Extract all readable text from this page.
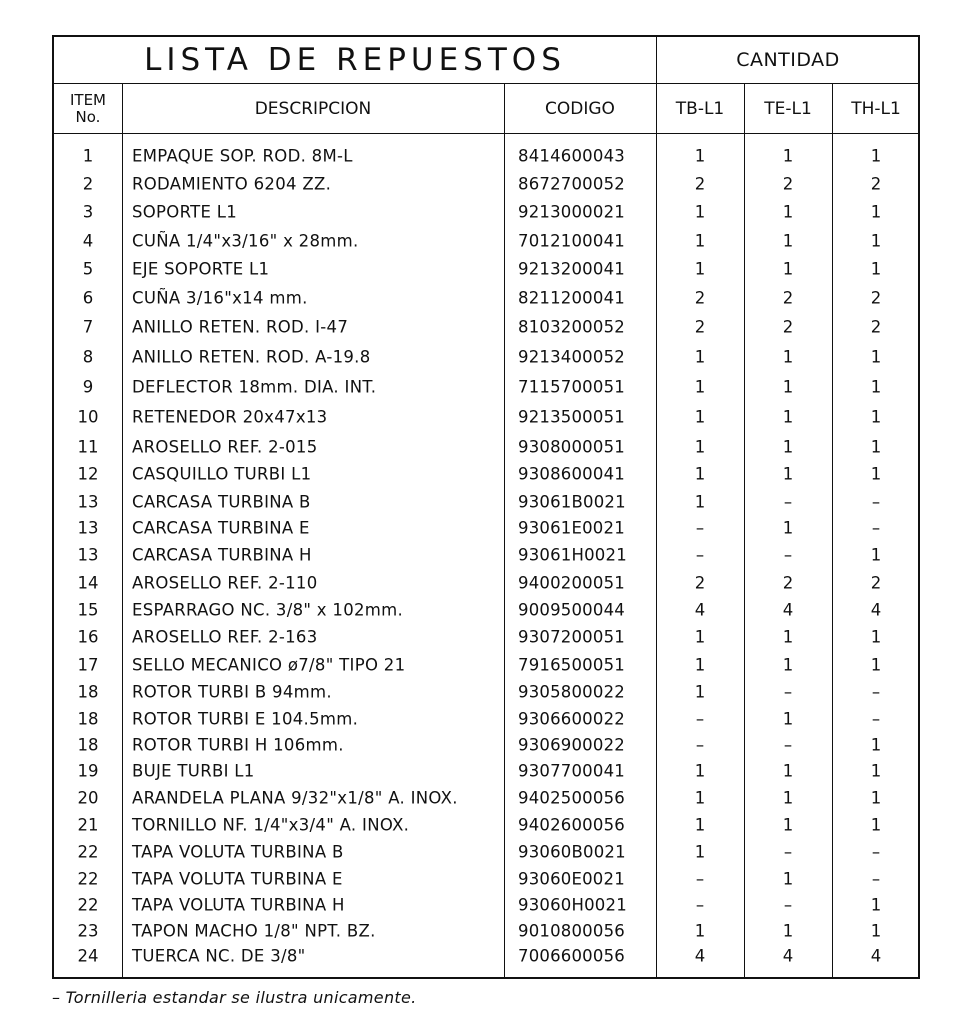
LISTA DE REPUESTOS	CANTIDAD
ITEM
No.	DESCRIPCION	CODIGO	TB-L1	TE-L1	TH-L1
1	EMPAQUE SOP. ROD. 8M-L	8414600043	1	1	1
2	RODAMIENTO 6204 ZZ.	8672700052	2	2	2
3	SOPORTE L1	9213000021	1	1	1
4	CUÑA 1/4"x3/16" x 28mm.	7012100041	1	1	1
5	EJE SOPORTE L1	9213200041	1	1	1
6	CUÑA 3/16"x14 mm.	8211200041	2	2	2
7	ANILLO RETEN. ROD. I-47	8103200052	2	2	2
8	ANILLO RETEN. ROD. A-19.8	9213400052	1	1	1
9	DEFLECTOR 18mm. DIA. INT.	7115700051	1	1	1
10	RETENEDOR 20x47x13	9213500051	1	1	1
11	AROSELLO REF. 2-015	9308000051	1	1	1
12	CASQUILLO TURBI L1	9308600041	1	1	1
13	CARCASA TURBINA B	93061B0021	1	–	–
13	CARCASA TURBINA E	93061E0021	–	1	–
13	CARCASA TURBINA H	93061H0021	–	–	1
14	AROSELLO REF. 2-110	9400200051	2	2	2
15	ESPARRAGO NC. 3/8" x 102mm.	9009500044	4	4	4
16	AROSELLO REF. 2-163	9307200051	1	1	1
17	SELLO MECANICO ø7/8" TIPO 21	7916500051	1	1	1
18	ROTOR TURBI B 94mm.	9305800022	1	–	–
18	ROTOR TURBI E 104.5mm.	9306600022	–	1	–
18	ROTOR TURBI H 106mm.	9306900022	–	–	1
19	BUJE TURBI L1	9307700041	1	1	1
20	ARANDELA PLANA 9/32"x1/8" A. INOX.	9402500056	1	1	1
21	TORNILLO NF. 1/4"x3/4" A. INOX.	9402600056	1	1	1
22	TAPA VOLUTA TURBINA B	93060B0021	1	–	–
22	TAPA VOLUTA TURBINA E	93060E0021	–	1	–
22	TAPA VOLUTA TURBINA H	93060H0021	–	–	1
23	TAPON MACHO 1/8" NPT. BZ.	9010800056	1	1	1
24	TUERCA NC. DE 3/8"	7006600056	4	4	4
– Tornilleria estandar se ilustra unicamente.
